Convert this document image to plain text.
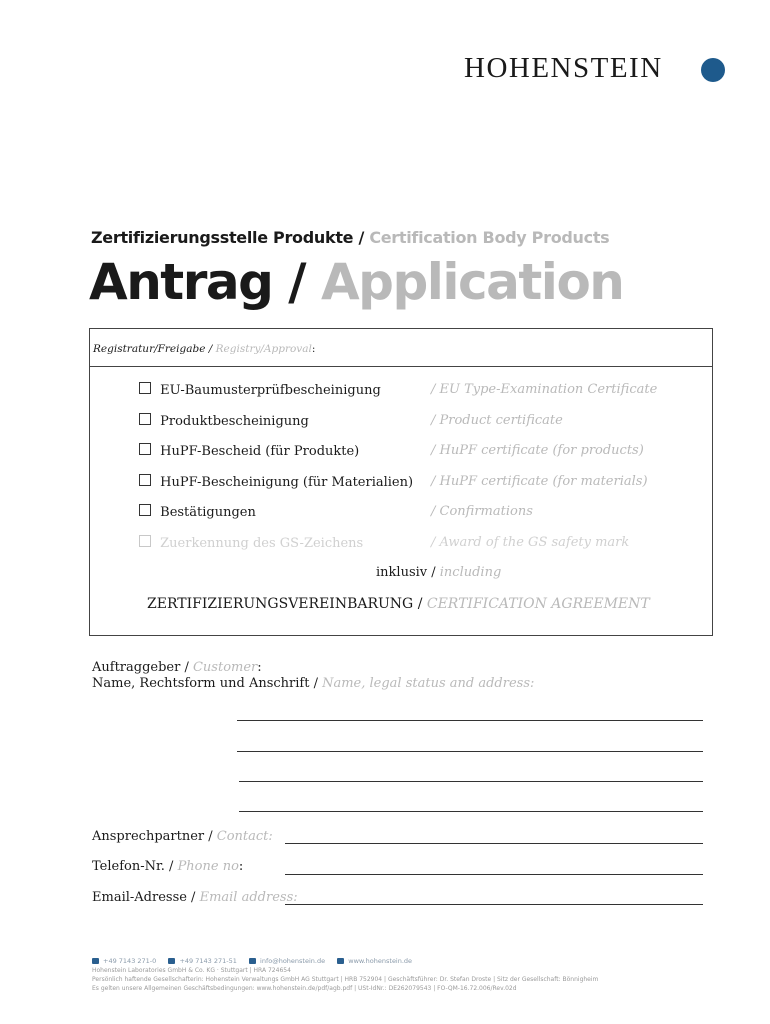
HOHENSTEIN
Zertifizierungsstelle Produkte / Certification Body Products
Antrag / Application
Registratur/Freigabe / Registry/Approval:
EU-Baumusterprüfbescheinigung	/ EU Type-Examination Certificate
Produktbescheinigung	/ Product certificate
HuPF-Bescheid (für Produkte)	/ HuPF certificate (for products)
HuPF-Bescheinigung (für Materialien) / HuPF certificate (for materials)
Bestätigungen	/ Confirmations
Zuerkennung des GS-Zeichens	/ Award of the GS safety mark
inklusiv / including
ZERTIFIZIERUNGSVEREINBARUNG / CERTIFICATION AGREEMENT
Auftraggeber / Customer:
Name, Rechtsform und Anschrift / Name, legal status and address:
Ansprechpartner / Contact:
Telefon-Nr. / Phone no:
Email-Adresse / Email address:
+49 7143 271-0	+49 7143 271-51	info@hohenstein.de	www.hohenstein.de
Hohenstein Laboratories GmbH & Co. KG · Stuttgart | HRA 724654
Persönlich haftende Gesellschafterin: Hohenstein Verwaltungs GmbH AG Stuttgart | HRB 752904 | Geschäftsführer: Dr. Stefan Droste | Sitz der Gesellschaft: Bönnigheim
Es gelten unsere Allgemeinen Geschäftsbedingungen: www.hohenstein.de/pdf/agb.pdf | USt-IdNr.: DE262079543 | FO-QM-16.72.006/Rev.02d
